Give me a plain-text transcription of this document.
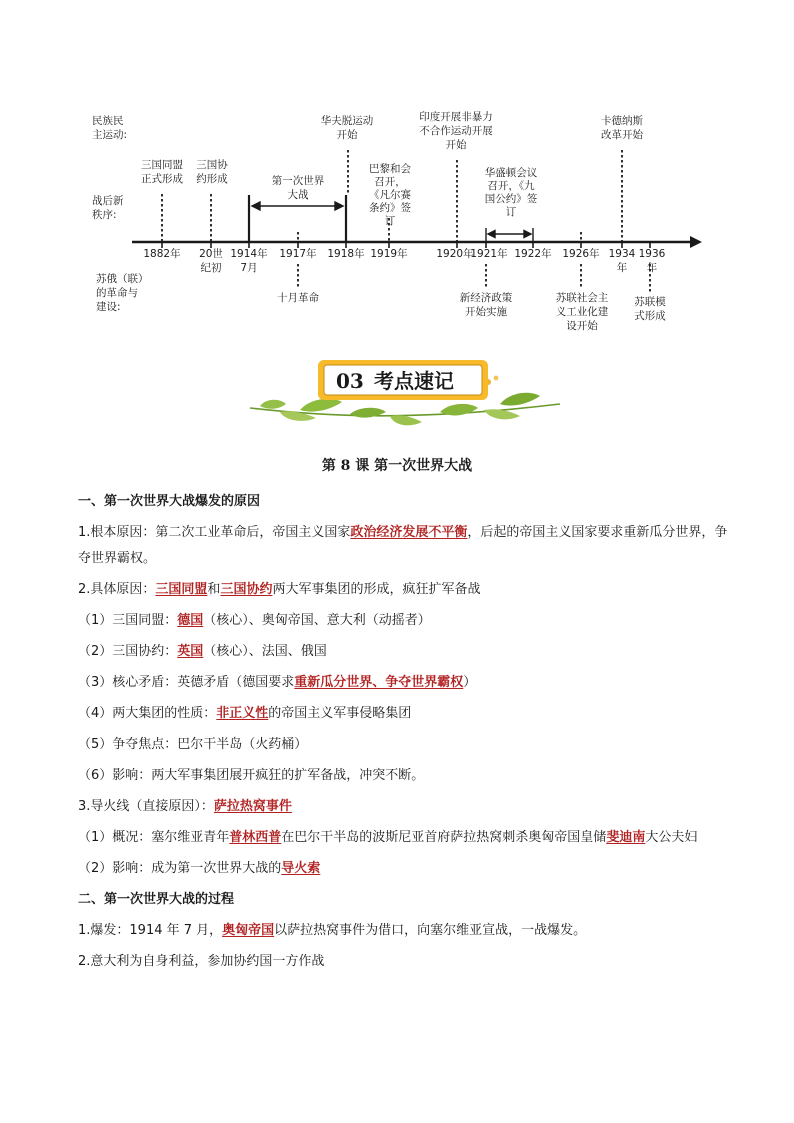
民族民主运动:
战后新秩序:
苏俄（联）的革命与建设:
华夫脱运动开始
印度开展非暴力不合作运动开展开始
卡德纳斯改革开始
三国同盟正式形成
三国协约形成	第一次世界大战
巴黎和会召开，《凡尔赛条约》签订
华盛顿会议召开，《九国公约》签订
1882年 20世纪初
1914年 7月
1917年 1918年 1919年	1920年
1921年 1922年 1926年 1934 年
1936 年
十月革命	新经济政策开始实施
苏联社会主义工业化建设开始
苏联模式形成
03 考点速记
第 8 课 第一次世界大战
一、第一次世界大战爆发的原因
1.根本原因：第二次工业革命后，帝国主义国家政治经济发展不平衡，后起的帝国主义国家要求重新瓜分世界，争夺世界霸权。
2.具体原因：三国同盟和三国协约两大军事集团的形成，疯狂扩军备战
（1）三国同盟：德国（核心）、奥匈帝国、意大利（动摇者）
（2）三国协约：英国（核心）、法国、俄国
（3）核心矛盾：英德矛盾（德国要求重新瓜分世界、争夺世界霸权）
（4）两大集团的性质：非正义性的帝国主义军事侵略集团
（5）争夺焦点：巴尔干半岛（火药桶）
（6）影响：两大军事集团展开疯狂的扩军备战，冲突不断。
3.导火线（直接原因）：萨拉热窝事件
（1）概况：塞尔维亚青年普林西普在巴尔干半岛的波斯尼亚首府萨拉热窝刺杀奥匈帝国皇储斐迪南大公夫妇
（2）影响：成为第一次世界大战的导火索
二、第一次世界大战的过程
1.爆发：1914 年 7 月，奥匈帝国以萨拉热窝事件为借口，向塞尔维亚宣战，一战爆发。
2.意大利为自身利益，参加协约国一方作战
